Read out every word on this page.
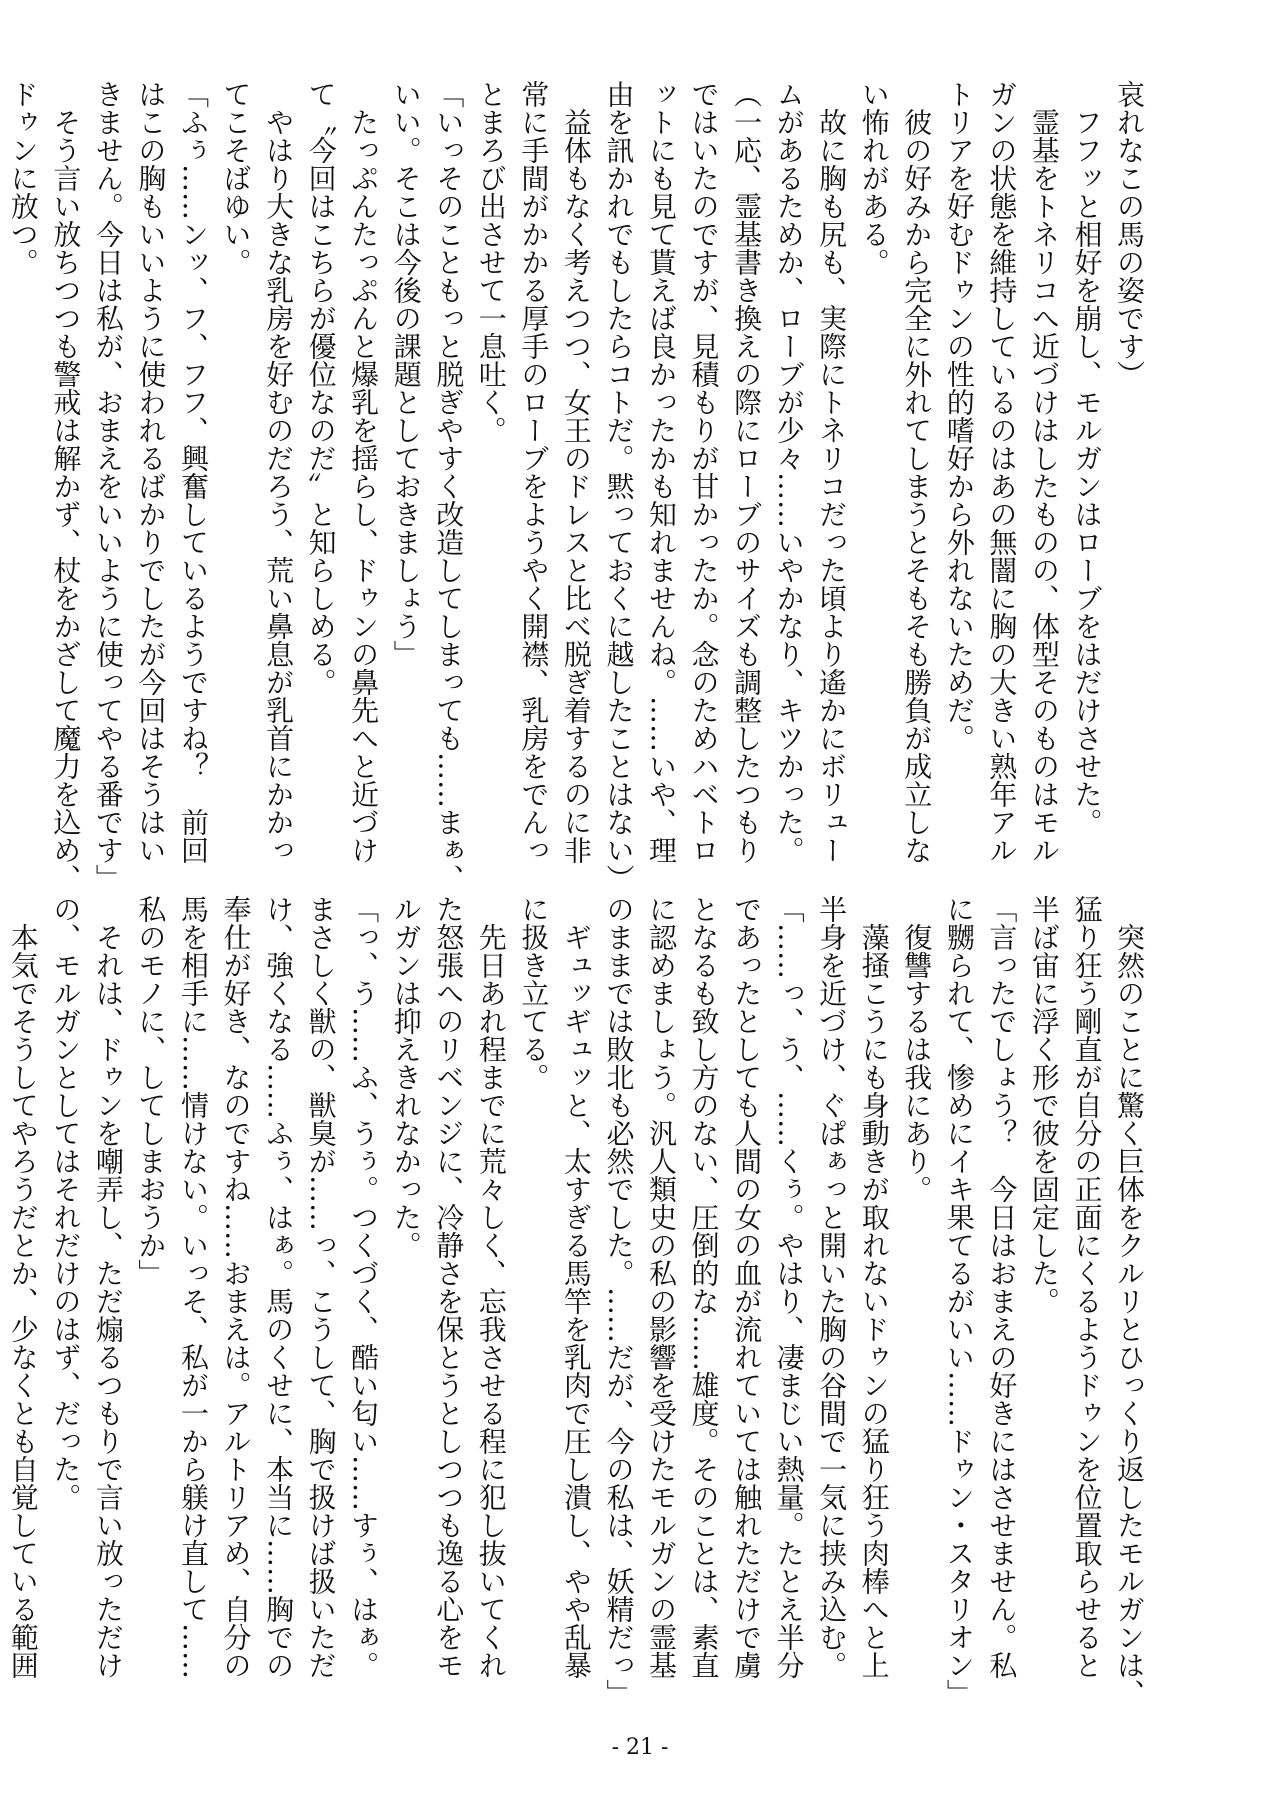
哀れなこの馬の姿です）
　フフッと相好を崩し、モルガンはローブをはだけさせた。
　霊基をトネリコへ近づけはしたものの、体型そのものはモル
ガンの状態を維持しているのはあの無闇に胸の大きい熟年アル
トリアを好むドゥンの性的嗜好から外れないためだ。
　彼の好みから完全に外れてしまうとそもそも勝負が成立しな
い怖れがある。
　故に胸も尻も、実際にトネリコだった頃より遙かにボリュー
ムがあるためか、ローブが少々……いやかなり、キツかった。
（一応、霊基書き換えの際にローブのサイズも調整したつもり
ではいたのですが、見積もりが甘かったか。念のためハベトロ
ットにも見て貰えば良かったかも知れませんね。……いや、理
由を訊かれでもしたらコトだ。黙っておくに越したことはない）
　益体もなく考えつつ、女王のドレスと比べ脱ぎ着するのに非
常に手間がかかる厚手のローブをようやく開襟、乳房をでんっ
とまろび出させて一息吐く。
「いっそのこともっと脱ぎやすく改造してしまっても……まぁ、
いい。そこは今後の課題としておきましょう」
　たっぷんたっぷんと爆乳を揺らし、ドゥンの鼻先へと近づけ
て〝今回はこちらが優位なのだ〟と知らしめる。
　やはり大きな乳房を好むのだろう、荒い鼻息が乳首にかかっ
てこそばゆい。
「ふぅ……ンッ、フ、フフ、興奮しているようですね？　前回
はこの胸もいいように使われるばかりでしたが今回はそうはい
きません。今日は私が、おまえをいいように使ってやる番です」
　そう言い放ちつつも警戒は解かず、杖をかざして魔力を込め、
ドゥンに放つ。
　突然のことに驚く巨体をクルリとひっくり返したモルガンは、
猛り狂う剛直が自分の正面にくるようドゥンを位置取らせると
半ば宙に浮く形で彼を固定した。
「言ったでしょう？　今日はおまえの好きにはさせません。私
に嬲られて、惨めにイキ果てるがいい……ドゥン・スタリオン」
　復讐するは我にあり。
　藻掻こうにも身動きが取れないドゥンの猛り狂う肉棒へと上
半身を近づけ、ぐぱぁっと開いた胸の谷間で一気に挟み込む。
「……っ、う、……くぅ。やはり、凄まじい熱量。たとえ半分
であったとしても人間の女の血が流れていては触れただけで虜
となるも致し方のない、圧倒的な……雄度。そのことは、素直
に認めましょう。汎人類史の私の影響を受けたモルガンの霊基
のままでは敗北も必然でした。……だが、今の私は、妖精だっ」
　ギュッギュッと、太すぎる馬竿を乳肉で圧し潰し、やや乱暴
に扱き立てる。
　先日あれ程までに荒々しく、忘我させる程に犯し抜いてくれ
た怒張へのリベンジに、冷静さを保とうとしつつも逸る心をモ
ルガンは抑えきれなかった。
「っ、う……ふ、うぅ。つくづく、酷い匂い……すぅ、はぁ。
まさしく獣の、獣臭が……っ、こうして、胸で扱けば扱いただ
け、強くなる……ふぅ、はぁ。馬のくせに、本当に……胸での
奉仕が好き、なのですね……おまえは。アルトリアめ、自分の
馬を相手に……情けない。いっそ、私が一から躾け直して……
私のモノに、してしまおうか」
　それは、ドゥンを嘲弄し、ただ煽るつもりで言い放っただけ
の、モルガンとしてはそれだけのはず、だった。
　本気でそうしてやろうだとか、少なくとも自覚している範囲
- 21 -
